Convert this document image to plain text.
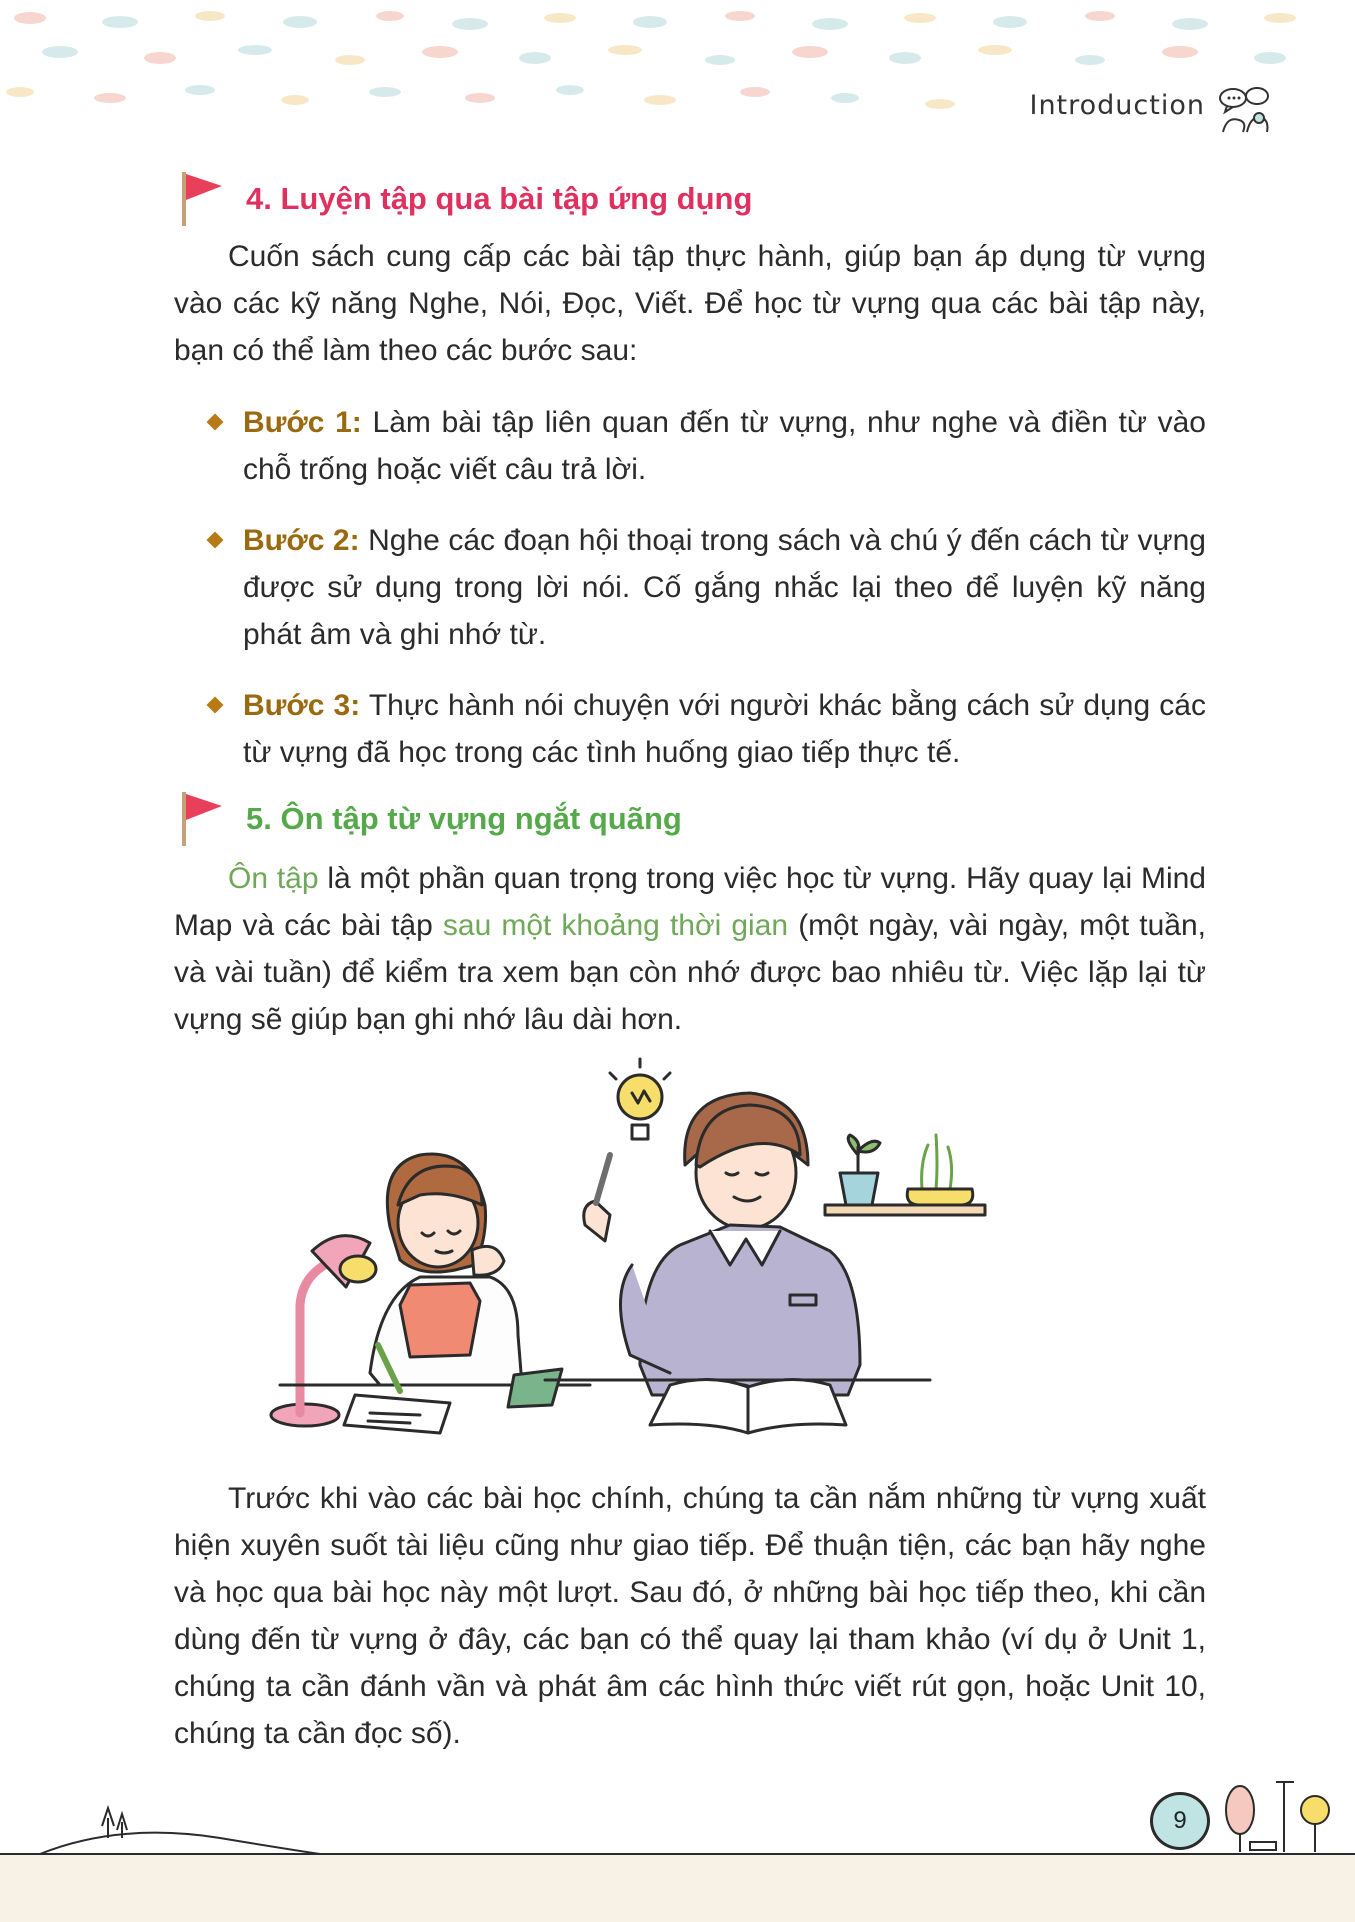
Introduction
4. Luyện tập qua bài tập ứng dụng

Cuốn sách cung cấp các bài tập thực hành, giúp bạn áp dụng từ vựng vào các kỹ năng Nghe, Nói, Đọc, Viết. Để học từ vựng qua các bài tập này, bạn có thể làm theo các bước sau:

Bước 1: Làm bài tập liên quan đến từ vựng, như nghe và điền từ vào chỗ trống hoặc viết câu trả lời.
Bước 2: Nghe các đoạn hội thoại trong sách và chú ý đến cách từ vựng được sử dụng trong lời nói. Cố gắng nhắc lại theo để luyện kỹ năng phát âm và ghi nhớ từ.
Bước 3: Thực hành nói chuyện với người khác bằng cách sử dụng các từ vựng đã học trong các tình huống giao tiếp thực tế.
5. Ôn tập từ vựng ngắt quãng

Ôn tập là một phần quan trọng trong việc học từ vựng. Hãy quay lại Mind Map và các bài tập sau một khoảng thời gian (một ngày, vài ngày, một tuần, và vài tuần) để kiểm tra xem bạn còn nhớ được bao nhiêu từ. Việc lặp lại từ vựng sẽ giúp bạn ghi nhớ lâu dài hơn.

Trước khi vào các bài học chính, chúng ta cần nắm những từ vựng xuất hiện xuyên suốt tài liệu cũng như giao tiếp. Để thuận tiện, các bạn hãy nghe và học qua bài học này một lượt. Sau đó, ở những bài học tiếp theo, khi cần dùng đến từ vựng ở đây, các bạn có thể quay lại tham khảo (ví dụ ở Unit 1, chúng ta cần đánh vần và phát âm các hình thức viết rút gọn, hoặc Unit 10, chúng ta cần đọc số).

9
